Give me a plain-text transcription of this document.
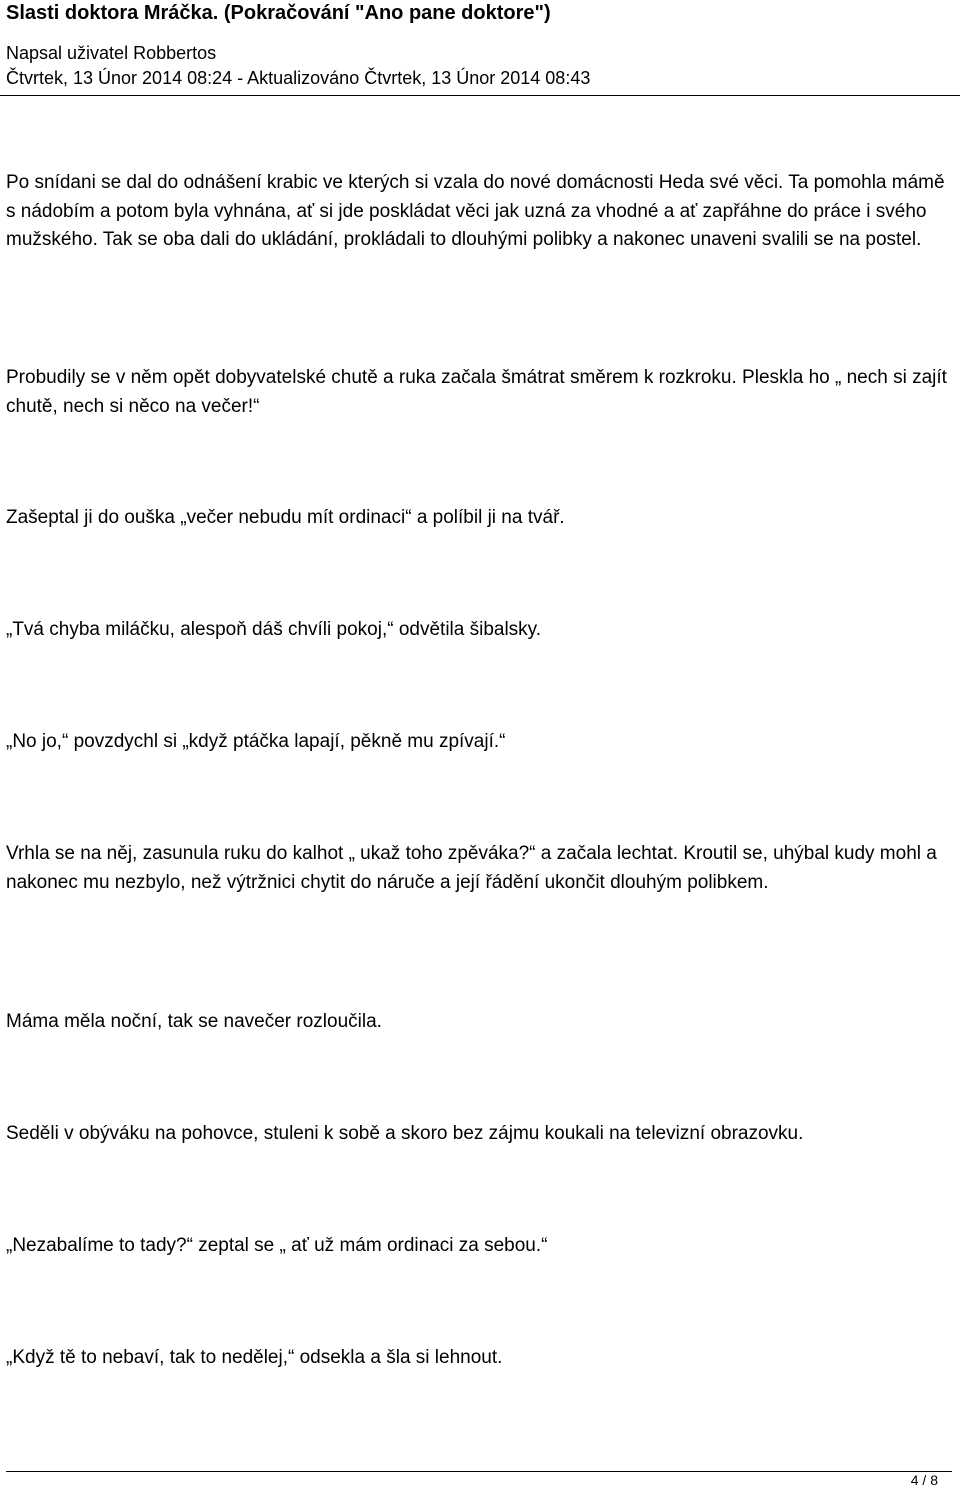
Slasti doktora Mráčka. (Pokračování "Ano pane doktore")
Napsal uživatel Robbertos
Čtvrtek, 13 Únor 2014 08:24 - Aktualizováno Čtvrtek, 13 Únor 2014 08:43

Po snídani se dal do odnášení krabic ve kterých si vzala do nové domácnosti Heda své věci. Ta pomohla mámě s nádobím a potom byla vyhnána, ať si jde poskládat věci jak uzná za vhodné a ať zapřáhne do práce i svého mužského. Tak se oba dali do ukládání, prokládali to dlouhými polibky a nakonec unaveni svalili se na postel.

Probudily se v něm opět dobyvatelské chutě a ruka začala šmátrat směrem k rozkroku. Pleskla ho „ nech si zajít chutě, nech si něco na večer!“

Zašeptal ji do ouška „večer nebudu mít ordinaci“ a políbil ji na tvář.

„Tvá chyba miláčku, alespoň dáš chvíli pokoj,“ odvětila šibalsky.

„No jo,“ povzdychl si „když ptáčka lapají, pěkně mu zpívají.“

Vrhla se na něj, zasunula ruku do kalhot „ ukaž toho zpěváka?“ a začala lechtat. Kroutil se, uhýbal kudy mohl a nakonec mu nezbylo, než výtržnici chytit do náruče a její řádění ukončit dlouhým polibkem.

Máma měla noční, tak se navečer rozloučila.

Seděli v obýváku na pohovce, stuleni k sobě a skoro bez zájmu koukali na televizní obrazovku.

„Nezabalíme to tady?“ zeptal se „ ať už mám ordinaci za sebou.“

„Když tě to nebaví, tak to nedělej,“ odsekla a šla si lehnout.

4 / 8
